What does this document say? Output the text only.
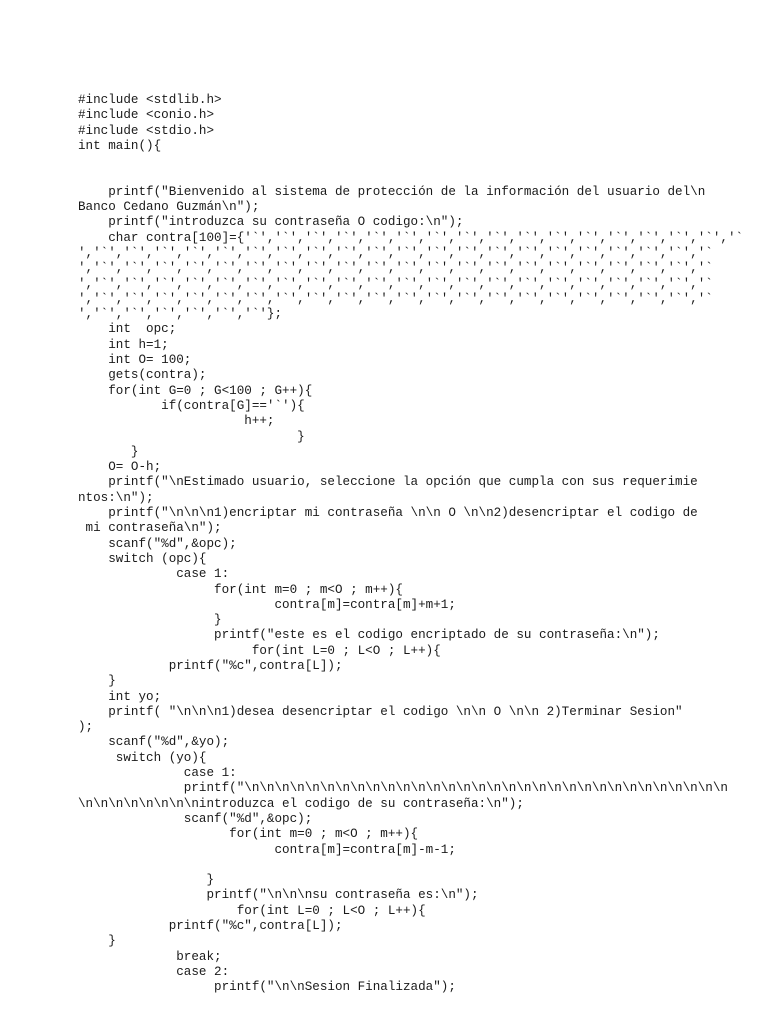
#include <stdlib.h>
#include <conio.h>
#include <stdio.h>
int main(){
printf("Bienvenido al sistema de protección de la información del usuario del\n
Banco Cedano Guzmán\n");
printf("introduzca su contraseña O codigo:\n");
char contra[100]={'`','`','`','`','`','`','`','`','`','`','`','`','`','`','`','`','`
','`','`','`','`','`','`','`','`','`','`','`','`','`','`','`','`','`','`','`','`','`
','`','`','`','`','`','`','`','`','`','`','`','`','`','`','`','`','`','`','`','`','`
','`','`','`','`','`','`','`','`','`','`','`','`','`','`','`','`','`','`','`','`','`
','`','`','`','`','`','`','`','`','`','`','`','`','`','`','`','`','`','`','`','`','`
','`','`','`','`','`','`'};
int  opc;
int h=1;
int O= 100;
gets(contra);
for(int G=0 ; G<100 ; G++){
if(contra[G]=='`'){
h++;
}
}
O= O-h;
printf("\nEstimado usuario, seleccione la opción que cumpla con sus requerimie
ntos:\n");
printf("\n\n\n1)encriptar mi contraseña \n\n O \n\n2)desencriptar el codigo de
mi contraseña\n");
scanf("%d",&opc);
switch (opc){
case 1:
for(int m=0 ; m<O ; m++){
contra[m]=contra[m]+m+1;
}
printf("este es el codigo encriptado de su contraseña:\n");
for(int L=0 ; L<O ; L++){
printf("%c",contra[L]);
}
int yo;
printf( "\n\n\n1)desea desencriptar el codigo \n\n O \n\n 2)Terminar Sesion"
);
scanf("%d",&yo);
switch (yo){
case 1:
printf("\n\n\n\n\n\n\n\n\n\n\n\n\n\n\n\n\n\n\n\n\n\n\n\n\n\n\n\n\n\n\n\n
\n\n\n\n\n\n\n\nintroduzca el codigo de su contraseña:\n");
scanf("%d",&opc);
for(int m=0 ; m<O ; m++){
contra[m]=contra[m]-m-1;
}
printf("\n\n\nsu contraseña es:\n");
for(int L=0 ; L<O ; L++){
printf("%c",contra[L]);
}
break;
case 2:
printf("\n\nSesion Finalizada");
